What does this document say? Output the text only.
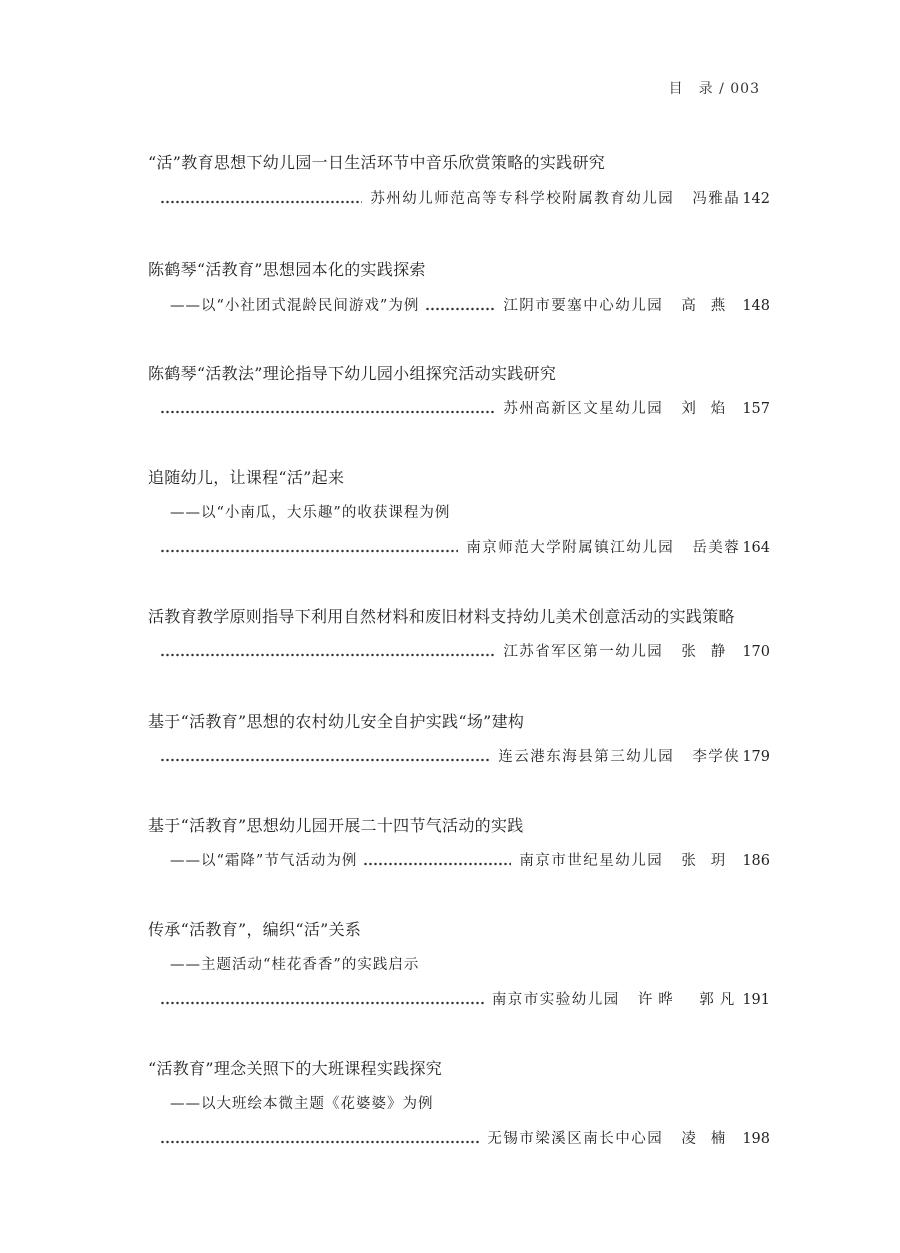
目　录 / 003
“活”教育思想下幼儿园一日生活环节中音乐欣赏策略的实践研究
苏州幼儿师范高等专科学校附属教育幼儿园 冯雅晶 142
陈鹤琴“活教育”思想园本化的实践探索
——以“小社团式混龄民间游戏”为例	江阴市要塞中心幼儿园 高燕 148
陈鹤琴“活教法”理论指导下幼儿园小组探究活动实践研究
苏州高新区文星幼儿园 刘焰 157
追随幼儿，让课程“活”起来
——以“小南瓜，大乐趣”的收获课程为例
南京师范大学附属镇江幼儿园 岳美蓉 164
活教育教学原则指导下利用自然材料和废旧材料支持幼儿美术创意活动的实践策略
江苏省军区第一幼儿园 张静 170
基于“活教育”思想的农村幼儿安全自护实践“场”建构
连云港东海县第三幼儿园 李学侠 179
基于“活教育”思想幼儿园开展二十四节气活动的实践
——以“霜降”节气活动为例	南京市世纪星幼儿园 张玥 186
传承“活教育”，编织“活”关系
——主题活动“桂花香香”的实践启示
南京市实验幼儿园 许晔　郭凡 191
“活教育”理念关照下的大班课程实践探究
——以大班绘本微主题《花婆婆》为例
无锡市梁溪区南长中心园 凌楠 198
